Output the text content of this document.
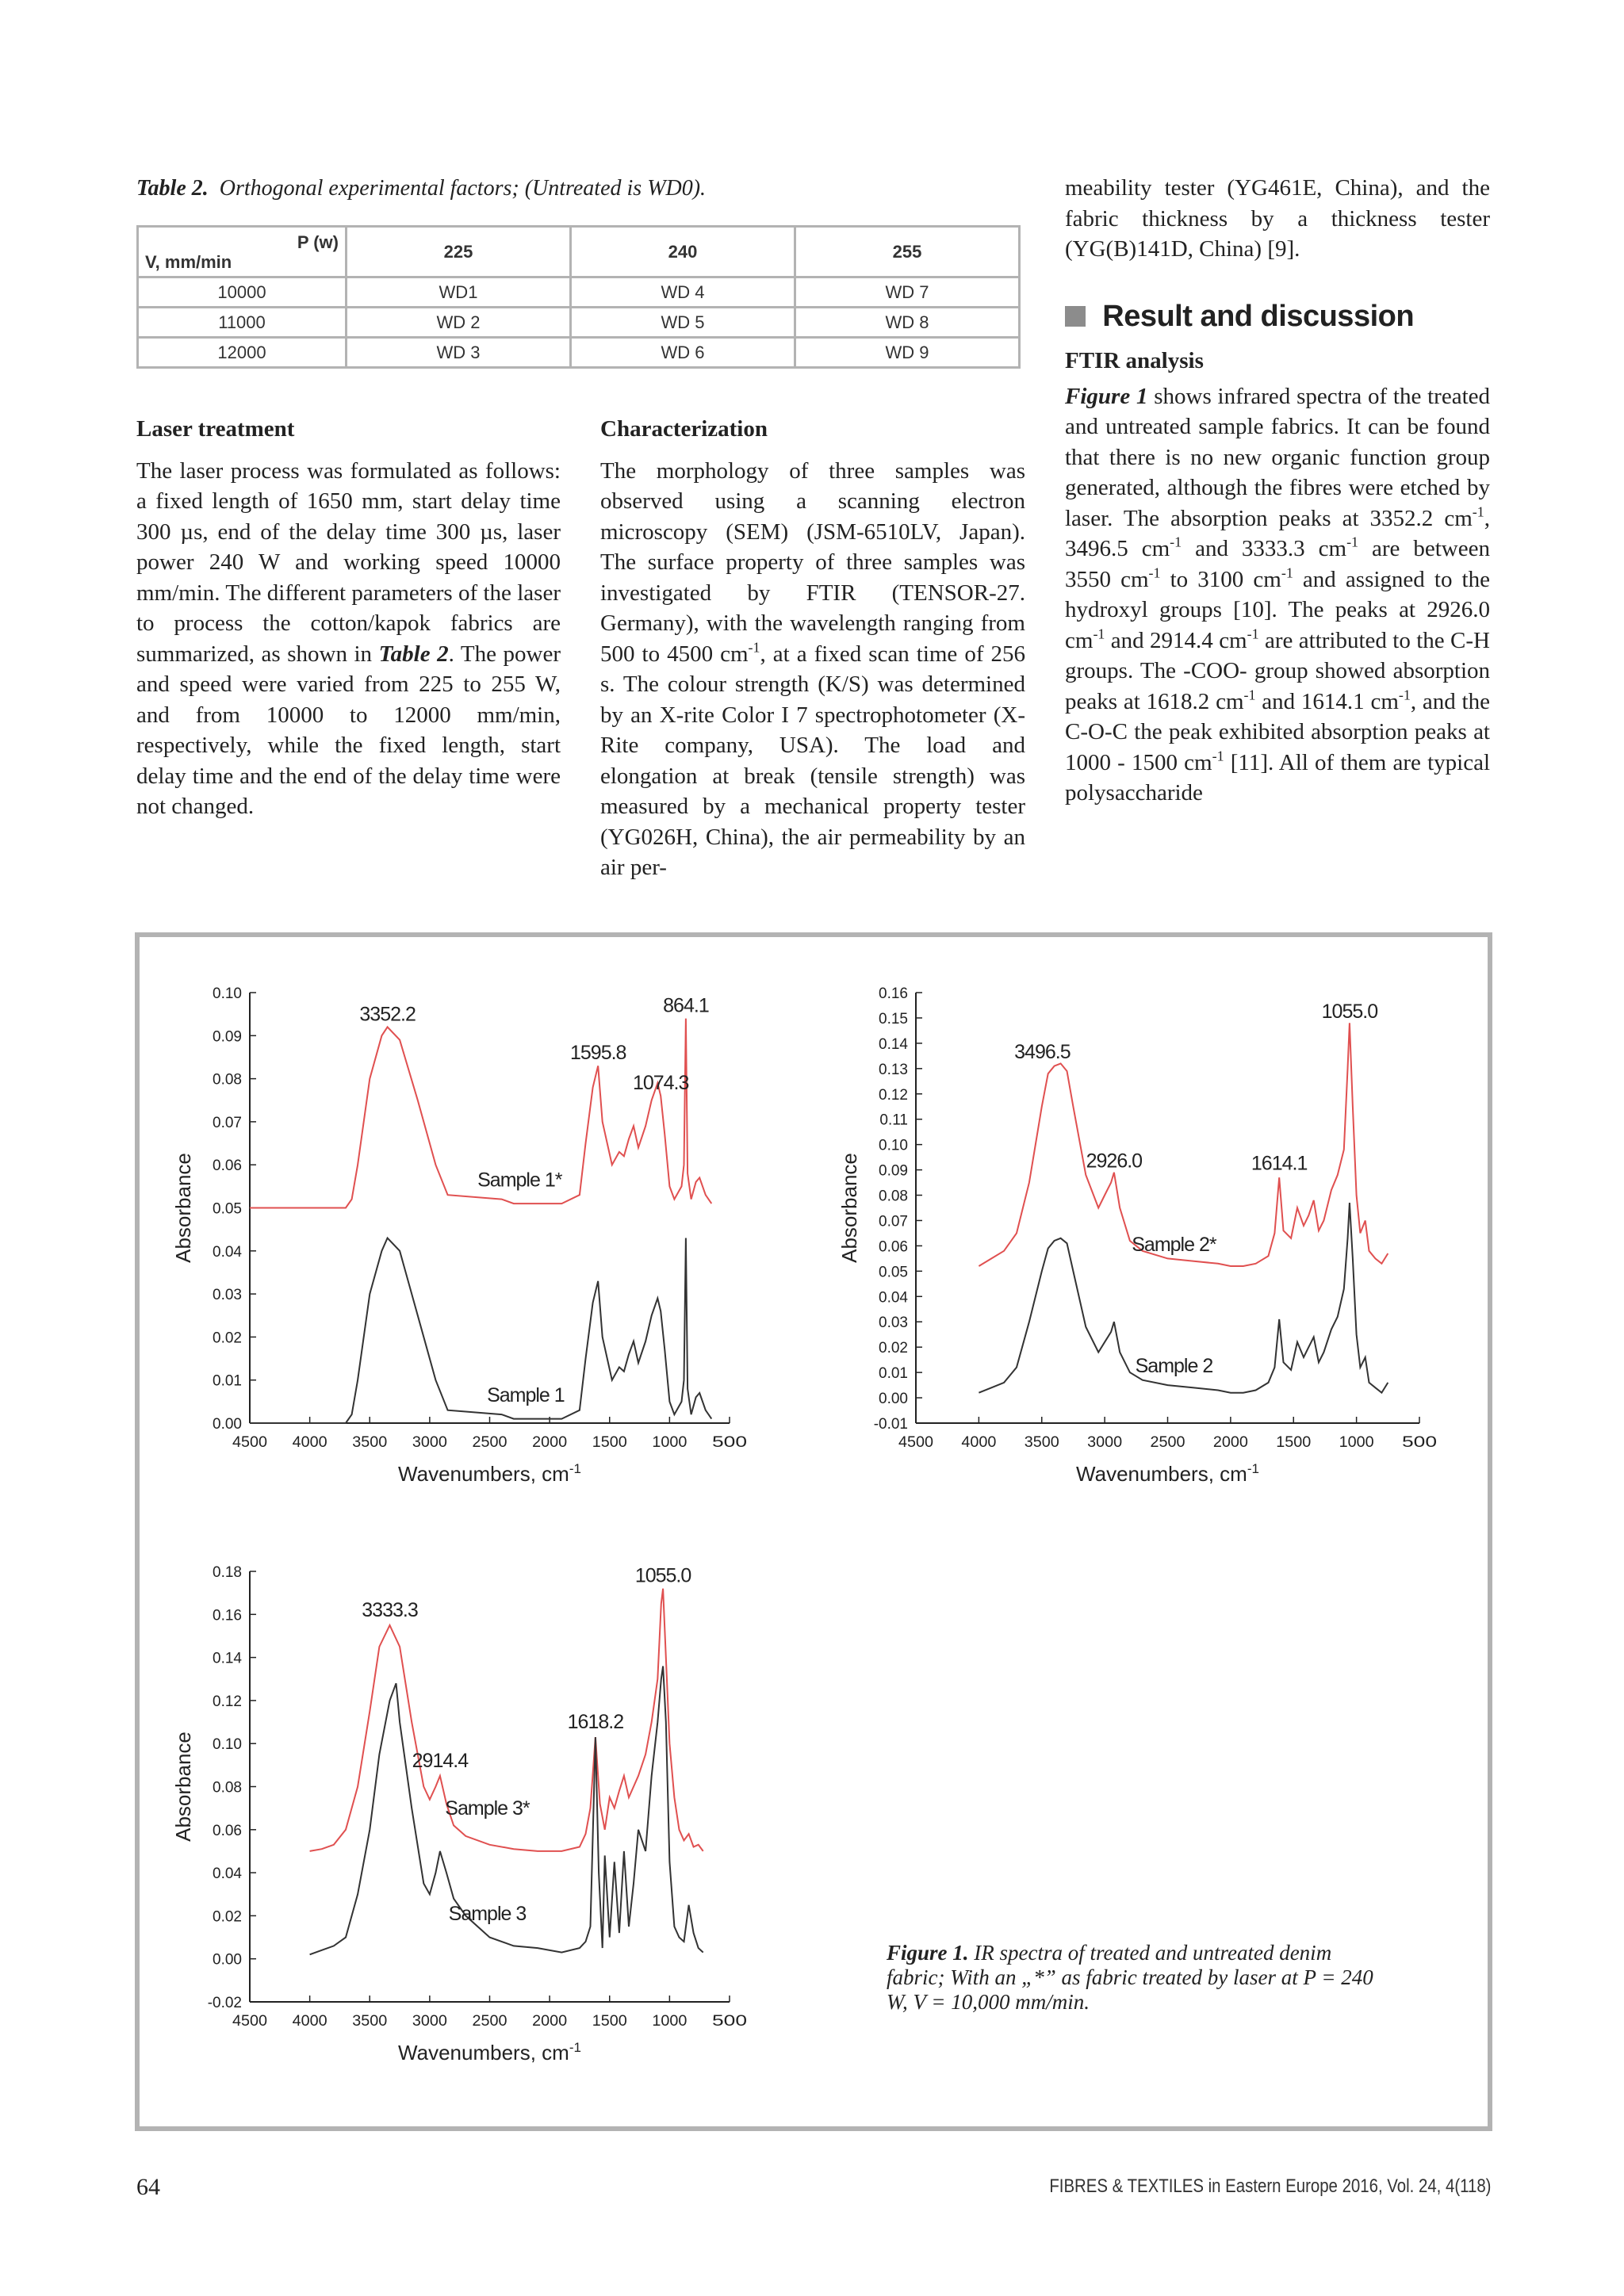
Table 2. Orthogonal experimental factors; (Untreated is WD0).
P (w)
V, mm/min	225	240	255
10000	WD1	WD 4	WD 7
11000	WD 2	WD 5	WD 8
12000	WD 3	WD 6	WD 9
Laser treatment

The laser process was formulated as follows: a fixed length of 1650 mm, start delay time 300 µs, end of the delay time 300 µs, laser power 240 W and working speed 10000 mm/min. The different parameters of the laser to process the cotton/kapok fabrics are summarized, as shown in Table 2. The power and speed were varied from 225 to 255 W, and from 10000 to 12000 mm/min, respectively, while the fixed length, start delay time and the end of the delay time were not changed.

Characterization

The morphology of three samples was observed using a scanning electron microscopy (SEM) (JSM-6510LV, Japan). The surface property of three samples was investigated by FTIR (TENSOR-27. Germany), with the wavelength ranging from 500 to 4500 $cm^{-1}$, at a fixed scan time of 256 s. The colour strength (K/S) was determined by an X-rite Color I 7 spectrophotometer (X-Rite company, USA). The load and elongation at break (tensile strength) was measured by a mechanical property tester (YG026H, China), the air permeability by an air per-

meability tester (YG461E, China), and the fabric thickness by a thickness tester (YG(B)141D, China) [9].

Result and discussion
FTIR analysis

Figure 1 shows infrared spectra of the treated and untreated sample fabrics. It can be found that there is no new organic function group generated, although the fibres were etched by laser. The absorption peaks at 3352.2 $cm^{-1}$, 3496.5 $cm^{-1}$ and 3333.3 $cm^{-1}$ are between 3550 $cm^{-1}$ to 3100 $cm^{-1}$ and assigned to the hydroxyl groups [10]. The peaks at 2926.0 $cm^{-1}$ and 2914.4 $cm^{-1}$ are attributed to the C-H groups. The -COO- group showed absorption peaks at 1618.2 $cm^{-1}$ and 1614.1 $cm^{-1}$, and the C-O-C the peak exhibited absorption peaks at 1000 - 1500 $cm^{-1}$ [11]. All of them are typical polysaccharide

4500 4000 3500 3000 2500 2000 1500 1000 500
0.00
0.01
0.02
0.03
0.04
0.05
0.06
0.07
0.08
0.09
0.10
Wavenumbers, $cm^{-1}$
Absorbance
3352.2
1595.8
1074.3
864.1
Sample 1*
Sample 1
4500 4000 3500 3000 2500 2000 1500 1000 500
-0.01
0.00
0.01
0.02
0.03
0.04
0.05
0.06
0.07
0.08
0.09
0.10
0.11
0.12
0.13
0.14
0.15
0.16
Wavenumbers, $cm^{-1}$
Absorbance
3496.5
2926.0	1614.1
1055.0
Sample 2*
Sample 2
4500 4000 3500 3000 2500 2000 1500 1000 500
-0.02
0.00
0.02
0.04
0.06
0.08
0.10
0.12
0.14
0.16
0.18
Wavenumbers, $cm^{-1}$
Absorbance
3333.3
2914.4
1618.2
1055.0
Sample 3*
Sample 3
Figure 1. IR spectra of treated and untreated denim fabric; With an „*” as fabric treated by laser at P = 240 W, V = 10,000 mm/min.
64	FIBRES & TEXTILES in Eastern Europe 2016, Vol. 24, 4(118)
